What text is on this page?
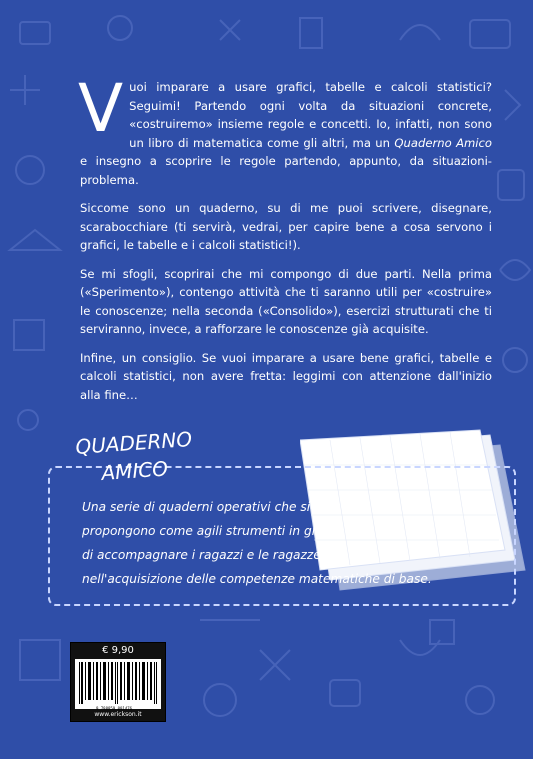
V uoi imparare a usare grafici, tabelle e calcoli statistici? Seguimi! Partendo ogni volta da situazioni concrete, «costruiremo» insieme regole e concetti. Io, infatti, non sono un libro di matematica come gli altri, ma un Quaderno Amico e insegno a scoprire le regole partendo, appunto, da situazioni-problema.

Siccome sono un quaderno, su di me puoi scrivere, disegnare, scarabocchiare (ti servirà, vedrai, per capire bene a cosa servono i grafici, le tabelle e i calcoli statistici!).

Se mi sfogli, scoprirai che mi compongo di due parti. Nella prima («Sperimento»), contengo attività che ti saranno utili per «costruire» le conoscenze; nella seconda («Consolido»), esercizi strutturati che ti serviranno, invece, a rafforzare le conoscenze già acquisite.

Infine, un consiglio. Se vuoi imparare a usare bene grafici, tabelle e calcoli statistici, non avere fretta: leggimi con attenzione dall'inizio alla fine…

QUADERNO
AMICO
Una serie di quaderni operativi che si
propongono come agili strumenti in grado
di accompagnare i ragazzi e le ragazze
nell'acquisizione delle competenze matematiche di base.
€ 9,90
9 788859 001476
www.erickson.it
